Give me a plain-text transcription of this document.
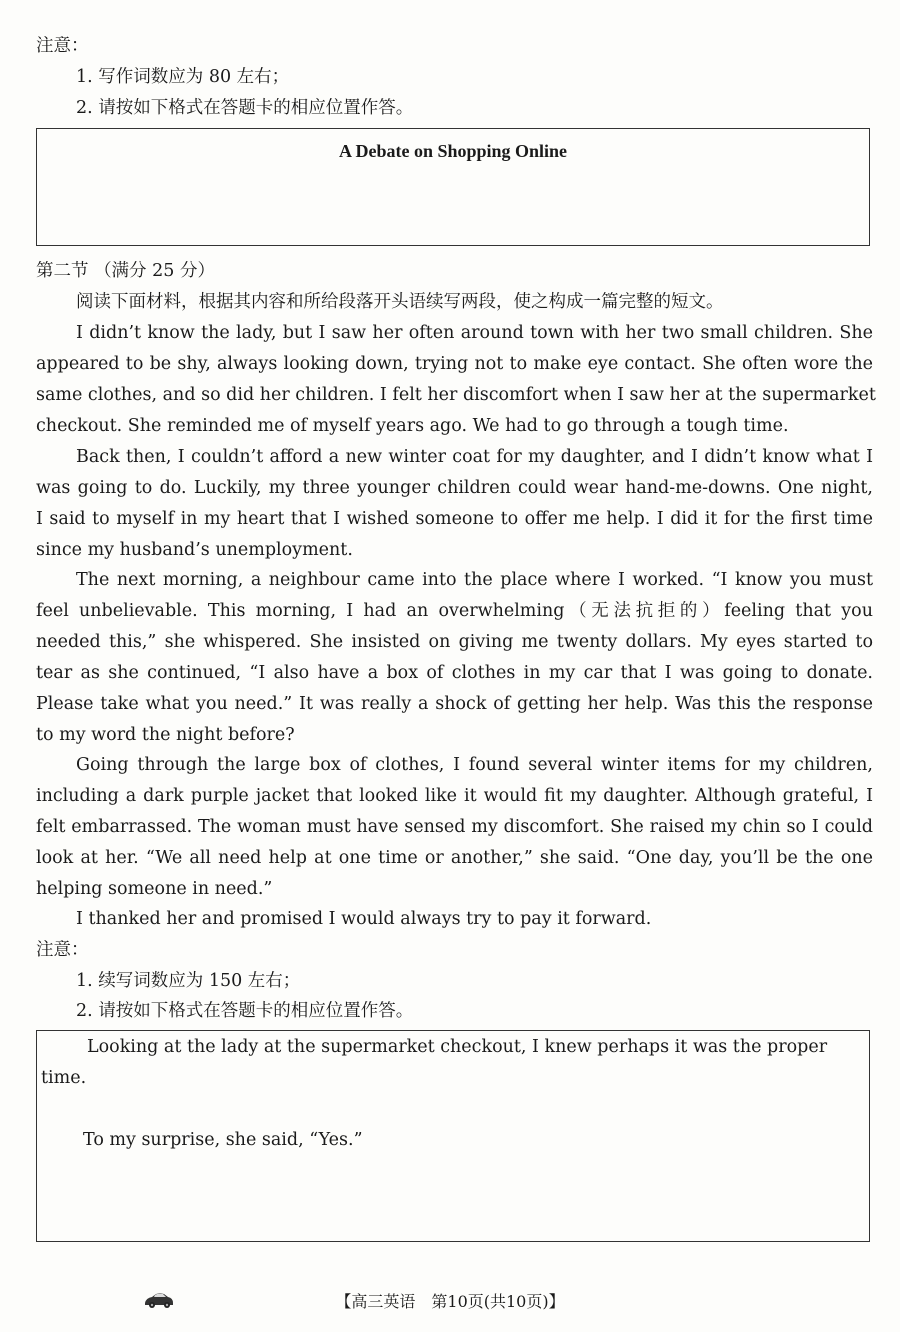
注意：
1. 写作词数应为 80 左右；
2. 请按如下格式在答题卡的相应位置作答。
A Debate on Shopping Online
第二节 （满分 25 分）
阅读下面材料，根据其内容和所给段落开头语续写两段，使之构成一篇完整的短文。
I didn’t know the lady, but I saw her often around town with her two small children. She
appeared to be shy, always looking down, trying not to make eye contact. She often wore the
same clothes, and so did her children. I felt her discomfort when I saw her at the supermarket
checkout. She reminded me of myself years ago. We had to go through a tough time.
Back then, I couldn’t afford a new winter coat for my daughter, and I didn’t know what I
was going to do. Luckily, my three younger children could wear hand-me-downs. One night,
I said to myself in my heart that I wished someone to offer me help. I did it for the first time
since my husband’s unemployment.
The next morning, a neighbour came into the place where I worked. “I know you must
feel unbelievable. This morning, I had an overwhelming（无法抗拒的）feeling that you
needed this,” she whispered. She insisted on giving me twenty dollars. My eyes started to
tear as she continued, “I also have a box of clothes in my car that I was going to donate.
Please take what you need.” It was really a shock of getting her help. Was this the response
to my word the night before?
Going through the large box of clothes, I found several winter items for my children,
including a dark purple jacket that looked like it would fit my daughter. Although grateful, I
felt embarrassed. The woman must have sensed my discomfort. She raised my chin so I could
look at her. “We all need help at one time or another,” she said. “One day, you’ll be the one
helping someone in need.”
I thanked her and promised I would always try to pay it forward.
注意：
1. 续写词数应为 150 左右；
2. 请按如下格式在答题卡的相应位置作答。
Looking at the lady at the supermarket checkout, I knew perhaps it was the proper
time.
To my surprise, she said, “Yes.”
【高三英语　第10页(共10页)】
